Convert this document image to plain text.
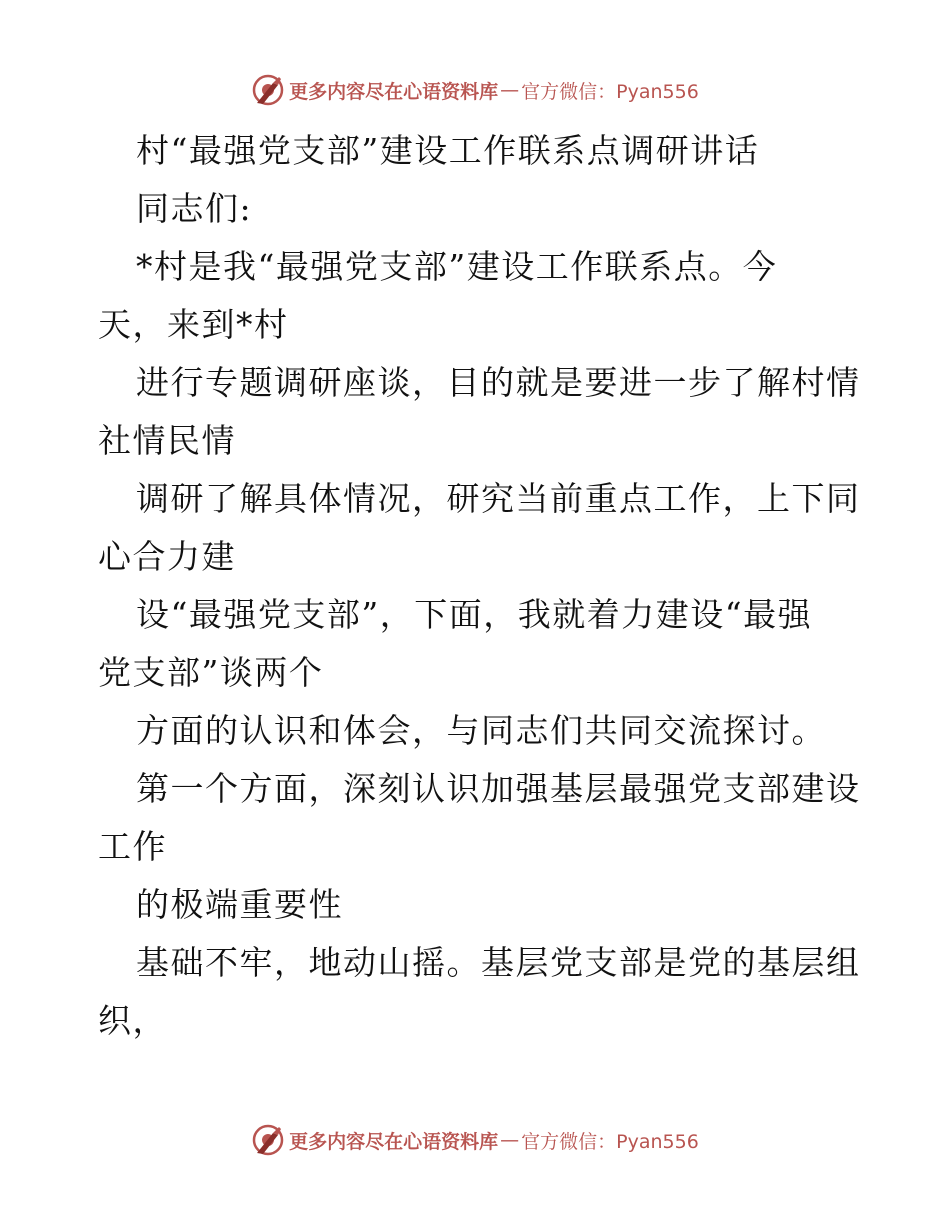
更多内容尽在心语资料库 — 官方微信：Pyan556
村“最强党支部”建设工作联系点调研讲话
同志们:
*村是我“最强党支部”建设工作联系点。今
天，来到*村
进行专题调研座谈，目的就是要进一步了解村情
社情民情
调研了解具体情况，研究当前重点工作，上下同
心合力建
设“最强党支部”，下面，我就着力建设“最强
党支部”谈两个
方面的认识和体会，与同志们共同交流探讨。
第一个方面，深刻认识加强基层最强党支部建设
工作
的极端重要性
基础不牢，地动山摇。基层党支部是党的基层组
织，
更多内容尽在心语资料库 — 官方微信：Pyan556
